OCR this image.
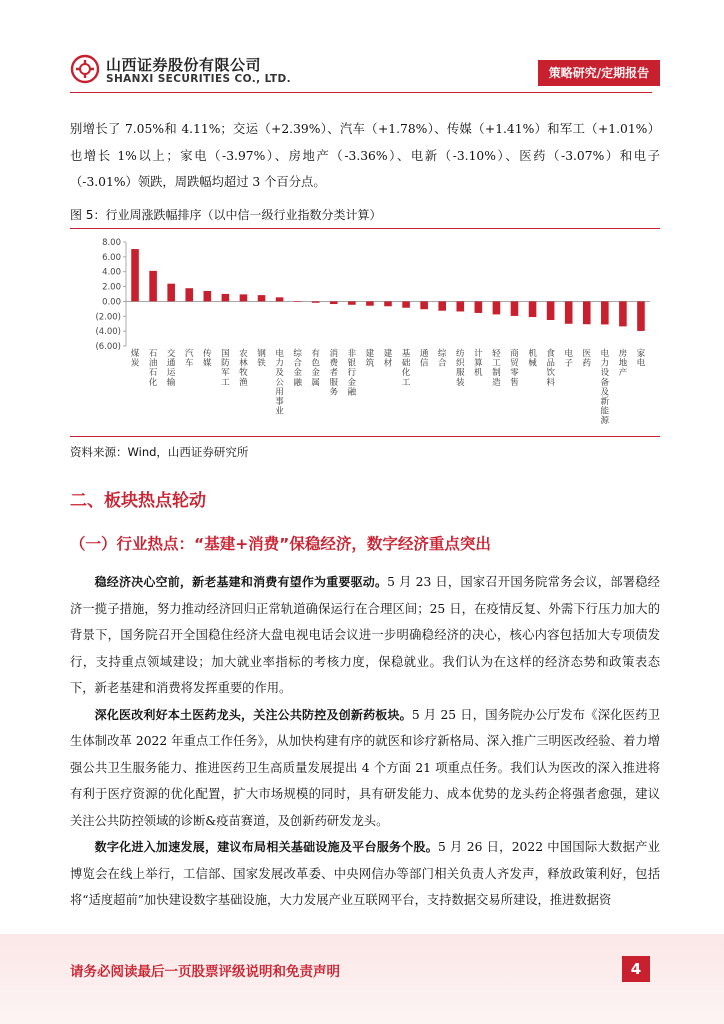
山西证券股份有限公司
SHANXI SECURITIES CO., LTD.	策略研究/定期报告

别增长了 7.05%和 4.11%；交运（+2.39%）、汽车（+1.78%）、传媒（+1.41%）和军工（+1.01%）也增长 1%以上；家电（-3.97%）、房地产（-3.36%）、电新（-3.10%）、医药（-3.07%）和电子（-3.01%）领跌，周跌幅均超过 3 个百分点。

图 5：行业周涨跌幅排序（以中信一级行业指数分类计算）
8.00
6.00
4.00
2.00
0.00
(2.00)
(4.00)
(6.00)
煤炭
石油石化
交通运输
汽车
传媒
国防军工
农林牧渔
钢铁
电力及公用事业
综合金融
有色金属
消费者服务
非银行金融
建筑
建材
基础化工
通信
综合
纺织服装
计算机
轻工制造
商贸零售
机械
食品饮料
电子
医药
电力设备及新能源
房地产
家电
资料来源：Wind，山西证券研究所
二、板块热点轮动
（一）行业热点：“基建+消费”保稳经济，数字经济重点突出

稳经济决心空前，新老基建和消费有望作为重要驱动。5 月 23 日，国家召开国务院常务会议，部署稳经济一揽子措施，努力推动经济回归正常轨道确保运行在合理区间；25 日，在疫情反复、外需下行压力加大的背景下，国务院召开全国稳住经济大盘电视电话会议进一步明确稳经济的决心，核心内容包括加大专项债发行，支持重点领域建设；加大就业率指标的考核力度，保稳就业。我们认为在这样的经济态势和政策表态下，新老基建和消费将发挥重要的作用。

深化医改利好本土医药龙头，关注公共防控及创新药板块。5 月 25 日，国务院办公厅发布《深化医药卫生体制改革 2022 年重点工作任务》，从加快构建有序的就医和诊疗新格局、深入推广三明医改经验、着力增强公共卫生服务能力、推进医药卫生高质量发展提出 4 个方面 21 项重点任务。我们认为医改的深入推进将有利于医疗资源的优化配置，扩大市场规模的同时，具有研发能力、成本优势的龙头药企将强者愈强，建议关注公共防控领域的诊断&疫苗赛道，及创新药研发龙头。

数字化进入加速发展，建议布局相关基础设施及平台服务个股。5 月 26 日，2022 中国国际大数据产业博览会在线上举行，工信部、国家发展改革委、中央网信办等部门相关负责人齐发声，释放政策利好，包括将“适度超前”加快建设数字基础设施，大力发展产业互联网平台，支持数据交易所建设，推进数据资

请务必阅读最后一页股票评级说明和免责声明	4
